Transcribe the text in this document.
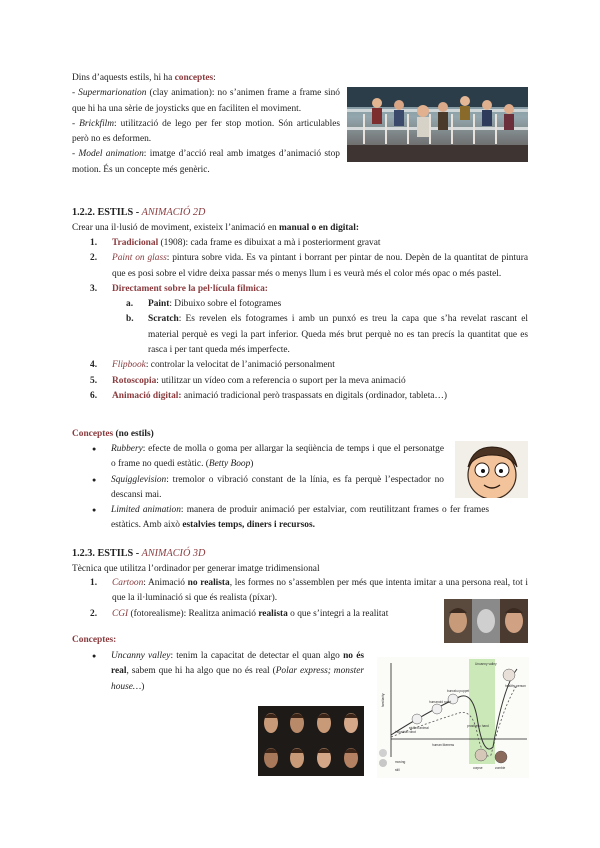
Dins d’aquests estils, hi ha conceptes:
- Supermarionation (clay animation): no s’animen frame a frame sinó que hi ha una sèrie de joysticks que en faciliten el moviment.
- Brickfilm: utilització de lego per fer stop motion. Són articulables però no es deformen.
- Model animation: imatge d’acció real amb imatges d’animació stop motion. És un concepte més genèric.
1.2.2. ESTILS - ANIMACIÓ 2D
Crear una il·lusió de moviment, existeix l’animació en manual o en digital:
1. Tradicional (1908): cada frame es dibuixat a mà i posteriorment gravat
2. Paint on glass: pintura sobre vida. Es va pintant i borrant per pintar de nou. Depèn de la quantitat de pintura que es posi sobre el vidre deixa passar més o menys llum i es veurà més el color més opac o més pastel.
3. Directament sobre la pel·lícula fílmica:
a. Paint: Dibuixo sobre el fotogrames
b. Scratch: Es revelen els fotogrames i amb un punxó es treu la capa que s’ha revelat rascant el material perquè es vegi la part inferior. Queda més brut perquè no es tan precís la quantitat que es rasca i per tant queda més imperfecte.
4. Flipbook: controlar la velocitat de l’animació personalment
5. Rotoscopia: utilitzar un vídeo com a referencia o suport per la meva animació
6. Animació digital: animació tradicional però traspassats en digitals (ordinador, tableta…)
Conceptes (no estils)
● Rubbery: efecte de molla o goma per allargar la seqüència de temps i que el personatge o frame no quedi estàtic. (Betty Boop)
● Squigglevision: tremolor o vibració constant de la línia, es fa perquè l’espectador no descansi mai.
● Limited animation: manera de produir animació per estalviar, com reutilitzant frames o fer frames estàtics. Amb això estalvies temps, diners i recursos.
1.2.3. ESTILS - ANIMACIÓ 3D
Tècnica que utilitza l’ordinador per generar imatge tridimensional
1. Cartoon: Animació no realista, les formes no s’assemblen per més que intenta imitar a una persona real, tot i que la il·luminació si que és realista (píxar).
2. CGI (fotorealisme): Realitza animació realista o que s’integri a la realitat
Conceptes:
● Uncanny valley: tenim la capacitat de detectar el quan algo no és real, sabem que hi ha algo que no és real (Polar express; monster house…)
familiarity
human likeness
Uncanny valley
healthy person
bunraku puppet
humanoid robot
stuffed animal
industrial robot
prosthetic hand
corpse	zombie
moving
still
